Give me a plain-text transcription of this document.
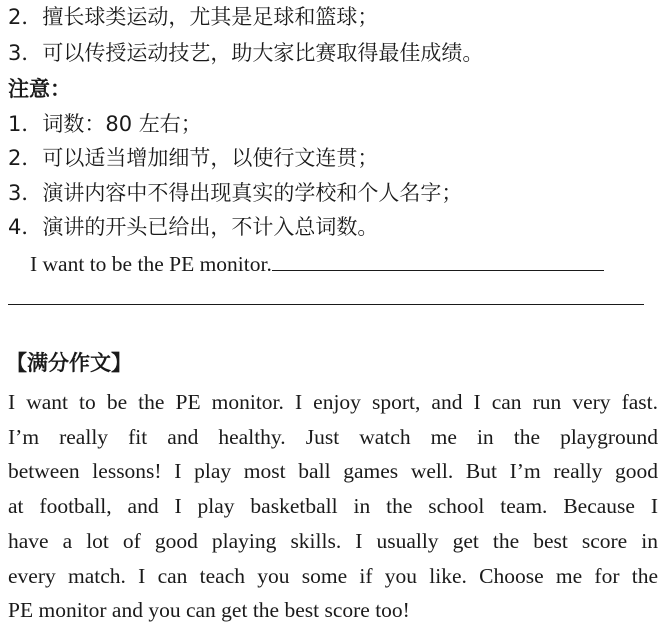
2．擅长球类运动，尤其是足球和篮球；
3．可以传授运动技艺，助大家比赛取得最佳成绩。
注意：
1．词数：80 左右；
2．可以适当增加细节，以使行文连贯；
3．演讲内容中不得出现真实的学校和个人名字；
4．演讲的开头已给出，不计入总词数。
I want to be the PE monitor.
【满分作文】
I want to be the PE monitor. I enjoy sport, and I can run very fast.
I’m really fit and healthy. Just watch me in the playground
between lessons! I play most ball games well. But I’m really good
at football, and I play basketball in the school team. Because I
have a lot of good playing skills. I usually get the best score in
every match. I can teach you some if you like. Choose me for the
PE monitor and you can get the best score too!
